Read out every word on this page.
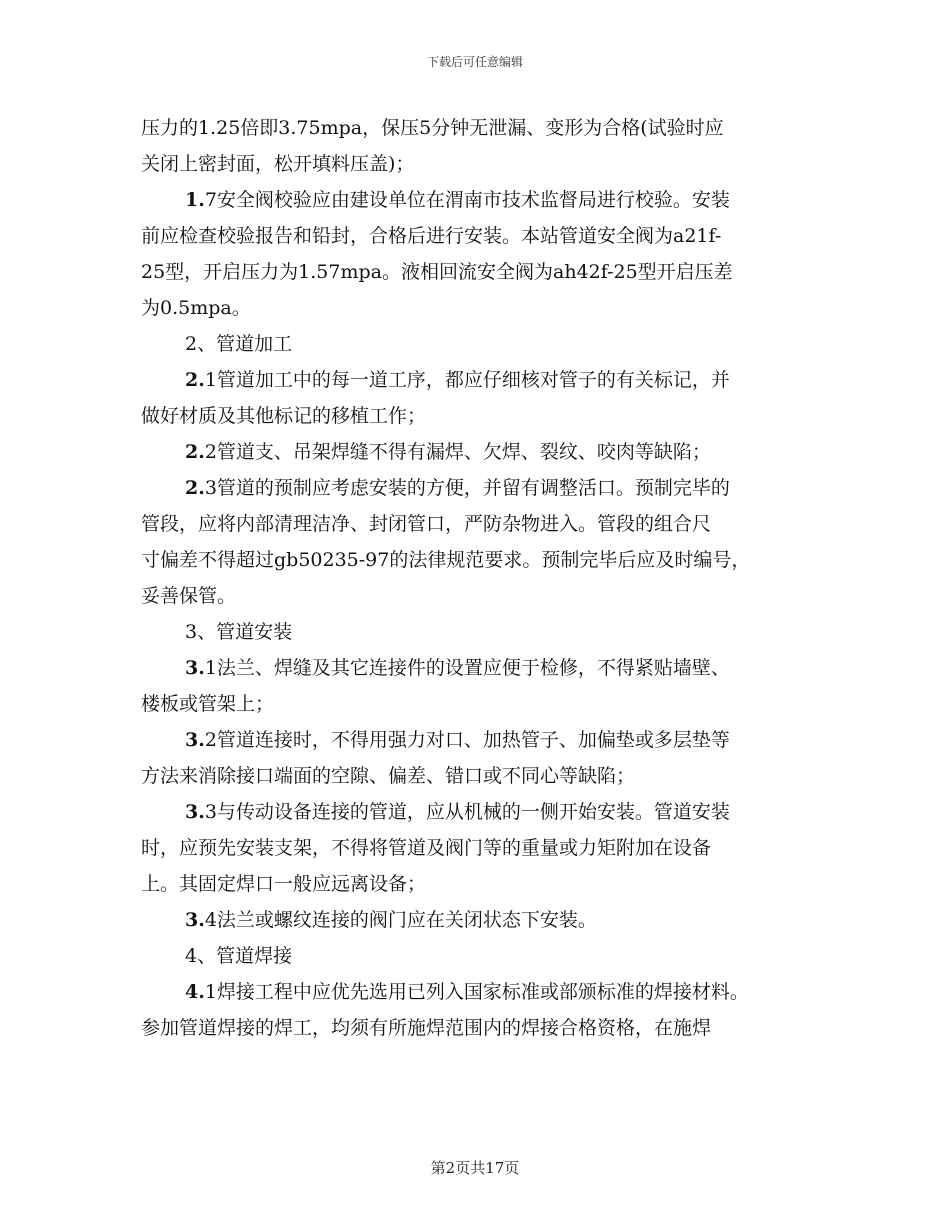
下载后可任意编辑
压力的1.25倍即3.75mpa，保压5分钟无泄漏、变形为合格(试验时应
关闭上密封面，松开填料压盖)；
1.7安全阀校验应由建设单位在渭南市技术监督局进行校验。安装
前应检查校验报告和铅封，合格后进行安装。本站管道安全阀为a21f-
25型，开启压力为1.57mpa。液相回流安全阀为ah42f-25型开启压差
为0.5mpa。
2、管道加工
2.1管道加工中的每一道工序，都应仔细核对管子的有关标记，并
做好材质及其他标记的移植工作；
2.2管道支、吊架焊缝不得有漏焊、欠焊、裂纹、咬肉等缺陷；
2.3管道的预制应考虑安装的方便，并留有调整活口。预制完毕的
管段，应将内部清理洁净、封闭管口，严防杂物进入。管段的组合尺
寸偏差不得超过gb50235-97的法律规范要求。预制完毕后应及时编号，
妥善保管。
3、管道安装
3.1法兰、焊缝及其它连接件的设置应便于检修，不得紧贴墙壁、
楼板或管架上；
3.2管道连接时，不得用强力对口、加热管子、加偏垫或多层垫等
方法来消除接口端面的空隙、偏差、错口或不同心等缺陷；
3.3与传动设备连接的管道，应从机械的一侧开始安装。管道安装
时，应预先安装支架，不得将管道及阀门等的重量或力矩附加在设备
上。其固定焊口一般应远离设备；
3.4法兰或螺纹连接的阀门应在关闭状态下安装。
4、管道焊接
4.1焊接工程中应优先选用已列入国家标准或部颁标准的焊接材料。
参加管道焊接的焊工，均须有所施焊范围内的焊接合格资格，在施焊
第2页共17页
